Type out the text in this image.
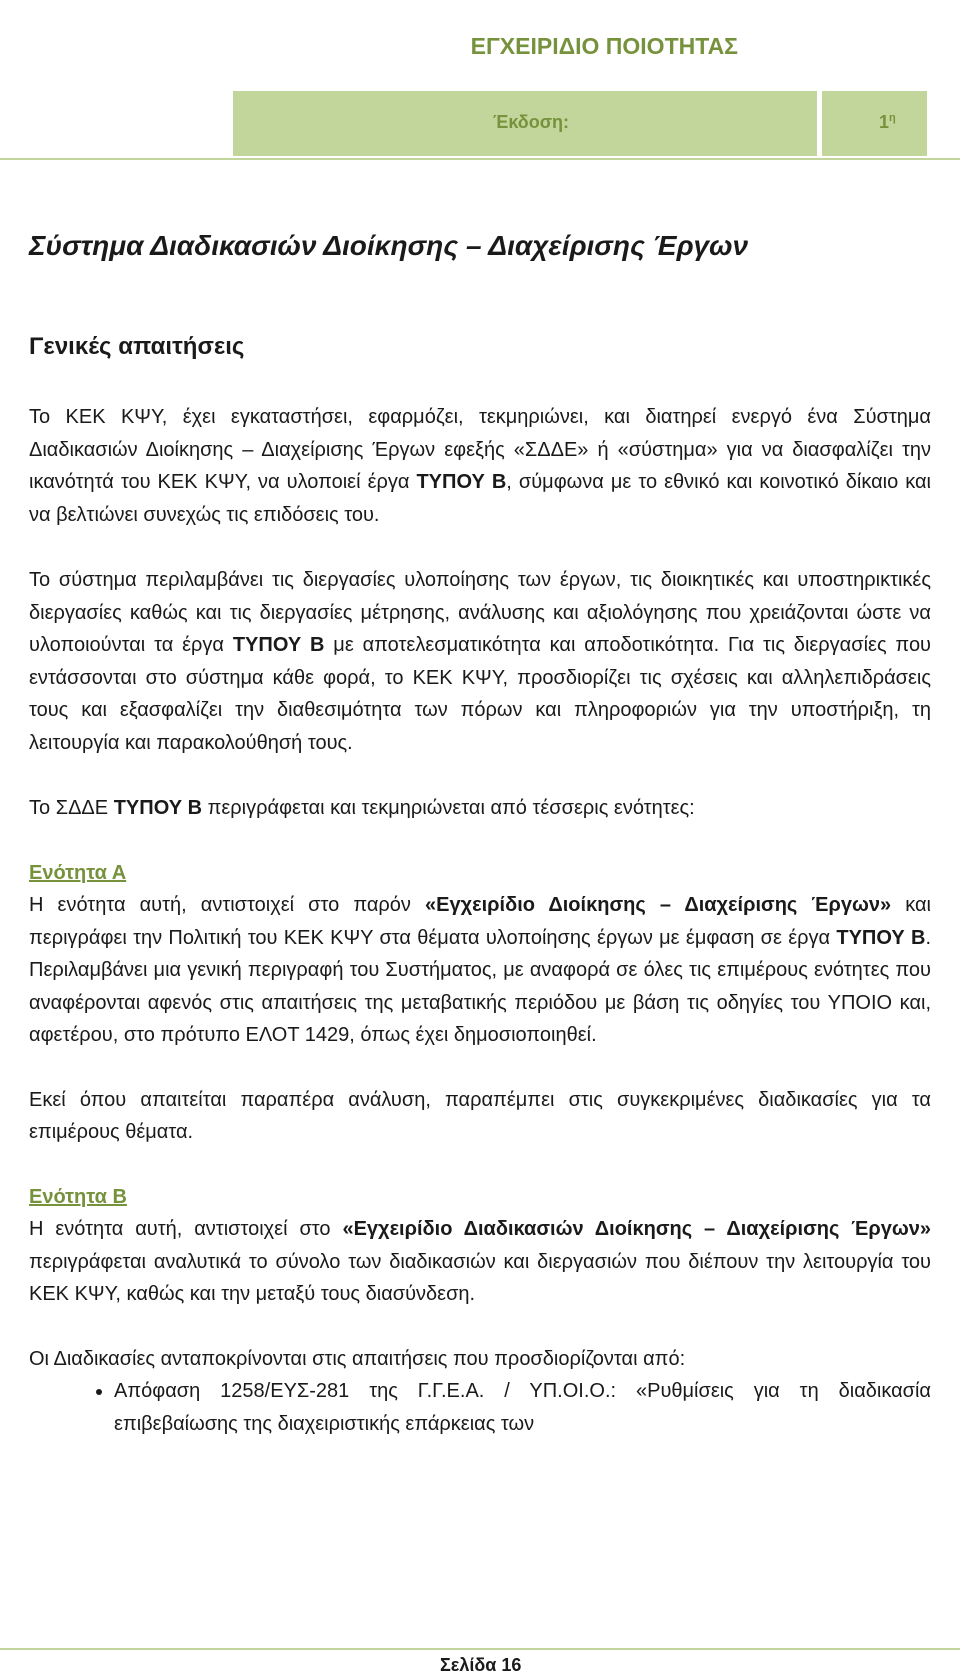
ΕΓΧΕΙΡΙΔΙΟ ΠΟΙΟΤΗΤΑΣ
Έκδοση:	$1^\eta$
Σύστημα Διαδικασιών Διοίκησης – Διαχείρισης Έργων
Γενικές απαιτήσεις

Το ΚΕΚ ΚΨΥ, έχει εγκαταστήσει, εφαρμόζει, τεκμηριώνει, και διατηρεί ενεργό ένα Σύστημα Διαδικασιών Διοίκησης – Διαχείρισης Έργων εφεξής «ΣΔΔΕ» ή «σύστημα» για να διασφαλίζει την ικανότητά του ΚΕΚ ΚΨΥ, να υλοποιεί έργα ΤΥΠΟΥ Β, σύμφωνα με το εθνικό και κοινοτικό δίκαιο και να βελτιώνει συνεχώς τις επιδόσεις του.

Το σύστημα περιλαμβάνει τις διεργασίες υλοποίησης των έργων, τις διοικητικές και υποστηρικτικές διεργασίες καθώς και τις διεργασίες μέτρησης, ανάλυσης και αξιολόγησης που χρειάζονται ώστε να υλοποιούνται τα έργα ΤΥΠΟΥ Β με αποτελεσματικότητα και αποδοτικότητα. Για τις διεργασίες που εντάσσονται στο σύστημα κάθε φορά, το ΚΕΚ ΚΨΥ, προσδιορίζει τις σχέσεις και αλληλεπιδράσεις τους και εξασφαλίζει την διαθεσιμότητα των πόρων και πληροφοριών για την υποστήριξη, τη λειτουργία και παρακολούθησή τους.

Το ΣΔΔΕ ΤΥΠΟΥ Β περιγράφεται και τεκμηριώνεται από τέσσερις ενότητες:

Ενότητα Α

Η ενότητα αυτή, αντιστοιχεί στο παρόν «Εγχειρίδιο Διοίκησης – Διαχείρισης Έργων» και περιγράφει την Πολιτική του ΚΕΚ ΚΨΥ στα θέματα υλοποίησης έργων με έμφαση σε έργα ΤΥΠΟΥ Β. Περιλαμβάνει μια γενική περιγραφή του Συστήματος, με αναφορά σε όλες τις επιμέρους ενότητες που αναφέρονται αφενός στις απαιτήσεις της μεταβατικής περιόδου με βάση τις οδηγίες του ΥΠΟΙΟ και, αφετέρου, στο πρότυπο ΕΛΟΤ 1429, όπως έχει δημοσιοποιηθεί.

Εκεί όπου απαιτείται παραπέρα ανάλυση, παραπέμπει στις συγκεκριμένες διαδικασίες για τα επιμέρους θέματα.

Ενότητα Β

Η ενότητα αυτή, αντιστοιχεί στο «Εγχειρίδιο Διαδικασιών Διοίκησης – Διαχείρισης Έργων» περιγράφεται αναλυτικά το σύνολο των διαδικασιών και διεργασιών που διέπουν την λειτουργία του ΚΕΚ ΚΨΥ, καθώς και την μεταξύ τους διασύνδεση.

Οι Διαδικασίες ανταποκρίνονται στις απαιτήσεις που προσδιορίζονται από:

• Απόφαση 1258/ΕΥΣ-281 της Γ.Γ.Ε.Α. / ΥΠ.ΟΙ.Ο.: «Ρυθμίσεις για τη διαδικασία επιβεβαίωσης της διαχειριστικής επάρκειας των
Σελίδα 16
